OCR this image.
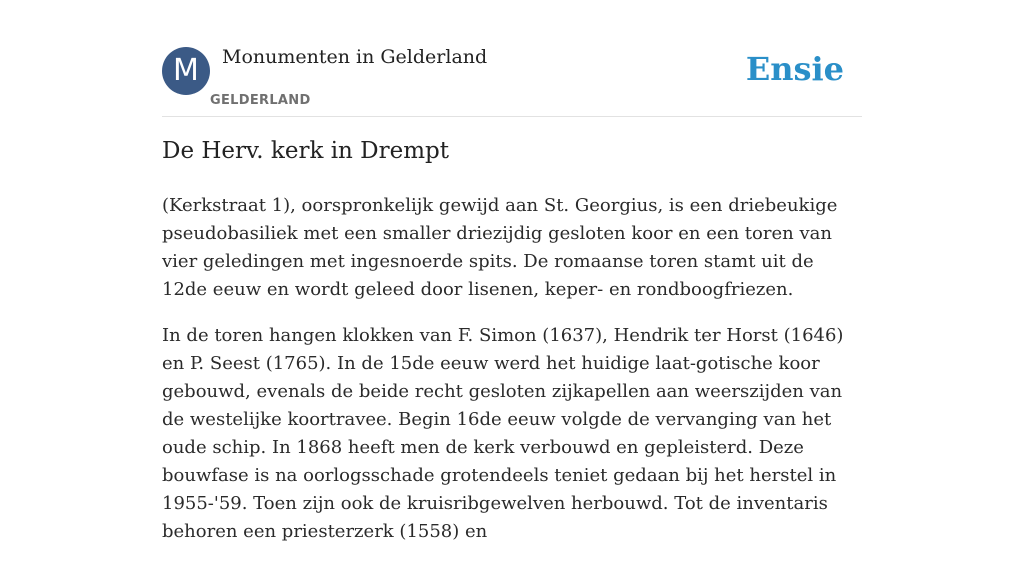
M	Monumenten in Gelderland
GELDERLAND
Ensie
De Herv. kerk in Drempt

(Kerkstraat 1), oorspronkelijk gewijd aan St. Georgius, is een driebeukige pseudobasiliek met een smaller driezijdig gesloten koor en een toren van vier geledingen met ingesnoerde spits. De romaanse toren stamt uit de 12de eeuw en wordt geleed door lisenen, keper- en rondboogfriezen.

In de toren hangen klokken van F. Simon (1637), Hendrik ter Horst (1646) en P. Seest (1765). In de 15de eeuw werd het huidige laat-gotische koor gebouwd, evenals de beide recht gesloten zijkapellen aan weerszijden van de westelijke koortravee. Begin 16de eeuw volgde de vervanging van het oude schip. In 1868 heeft men de kerk verbouwd en gepleisterd. Deze bouwfase is na oorlogsschade grotendeels teniet gedaan bij het herstel in 1955-'59. Toen zijn ook de kruisribgewelven herbouwd. Tot de inventaris behoren een priesterzerk (1558) en
